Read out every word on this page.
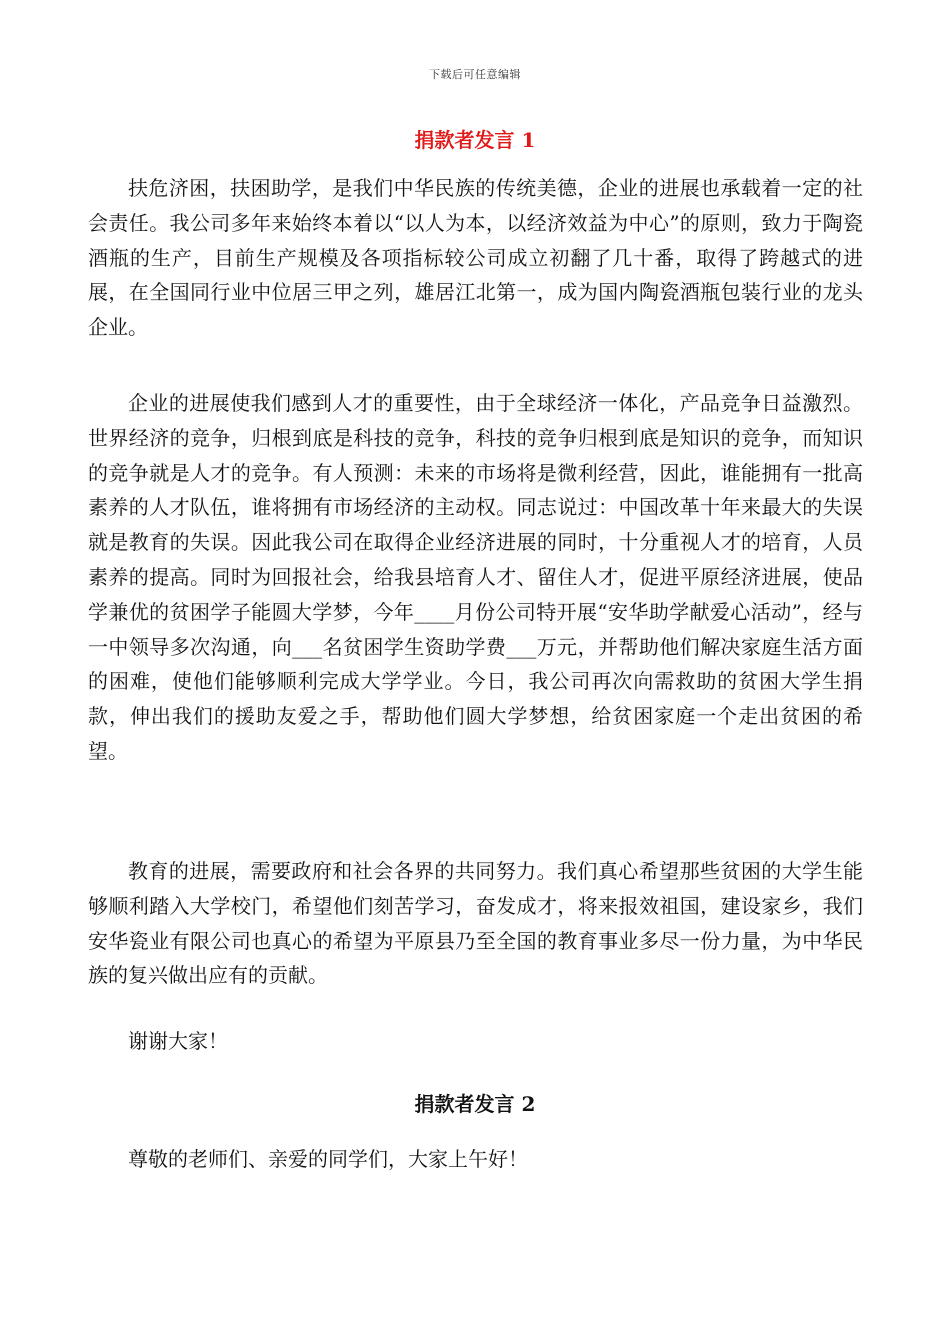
下载后可任意编辑
捐款者发言 1

扶危济困，扶困助学，是我们中华民族的传统美德，企业的进展也承载着一定的社会责任。我公司多年来始终本着以“以人为本，以经济效益为中心”的原则，致力于陶瓷酒瓶的生产，目前生产规模及各项指标较公司成立初翻了几十番，取得了跨越式的进展，在全国同行业中位居三甲之列，雄居江北第一，成为国内陶瓷酒瓶包装行业的龙头企业。

企业的进展使我们感到人才的重要性，由于全球经济一体化，产品竞争日益激烈。世界经济的竞争，归根到底是科技的竞争，科技的竞争归根到底是知识的竞争，而知识的竞争就是人才的竞争。有人预测：未来的市场将是微利经营，因此，谁能拥有一批高素养的人才队伍，谁将拥有市场经济的主动权。同志说过：中国改革十年来最大的失误就是教育的失误。因此我公司在取得企业经济进展的同时，十分重视人才的培育，人员素养的提高。同时为回报社会，给我县培育人才、留住人才，促进平原经济进展，使品学兼优的贫困学子能圆大学梦，今年____月份公司特开展“安华助学献爱心活动”，经与一中领导多次沟通，向___名贫困学生资助学费___万元，并帮助他们解决家庭生活方面的困难，使他们能够顺利完成大学学业。今日，我公司再次向需救助的贫困大学生捐款，伸出我们的援助友爱之手，帮助他们圆大学梦想，给贫困家庭一个走出贫困的希望。

教育的进展，需要政府和社会各界的共同努力。我们真心希望那些贫困的大学生能够顺利踏入大学校门，希望他们刻苦学习，奋发成才，将来报效祖国，建设家乡，我们安华瓷业有限公司也真心的希望为平原县乃至全国的教育事业多尽一份力量，为中华民族的复兴做出应有的贡献。

谢谢大家！

捐款者发言 2

尊敬的老师们、亲爱的同学们，大家上午好！
